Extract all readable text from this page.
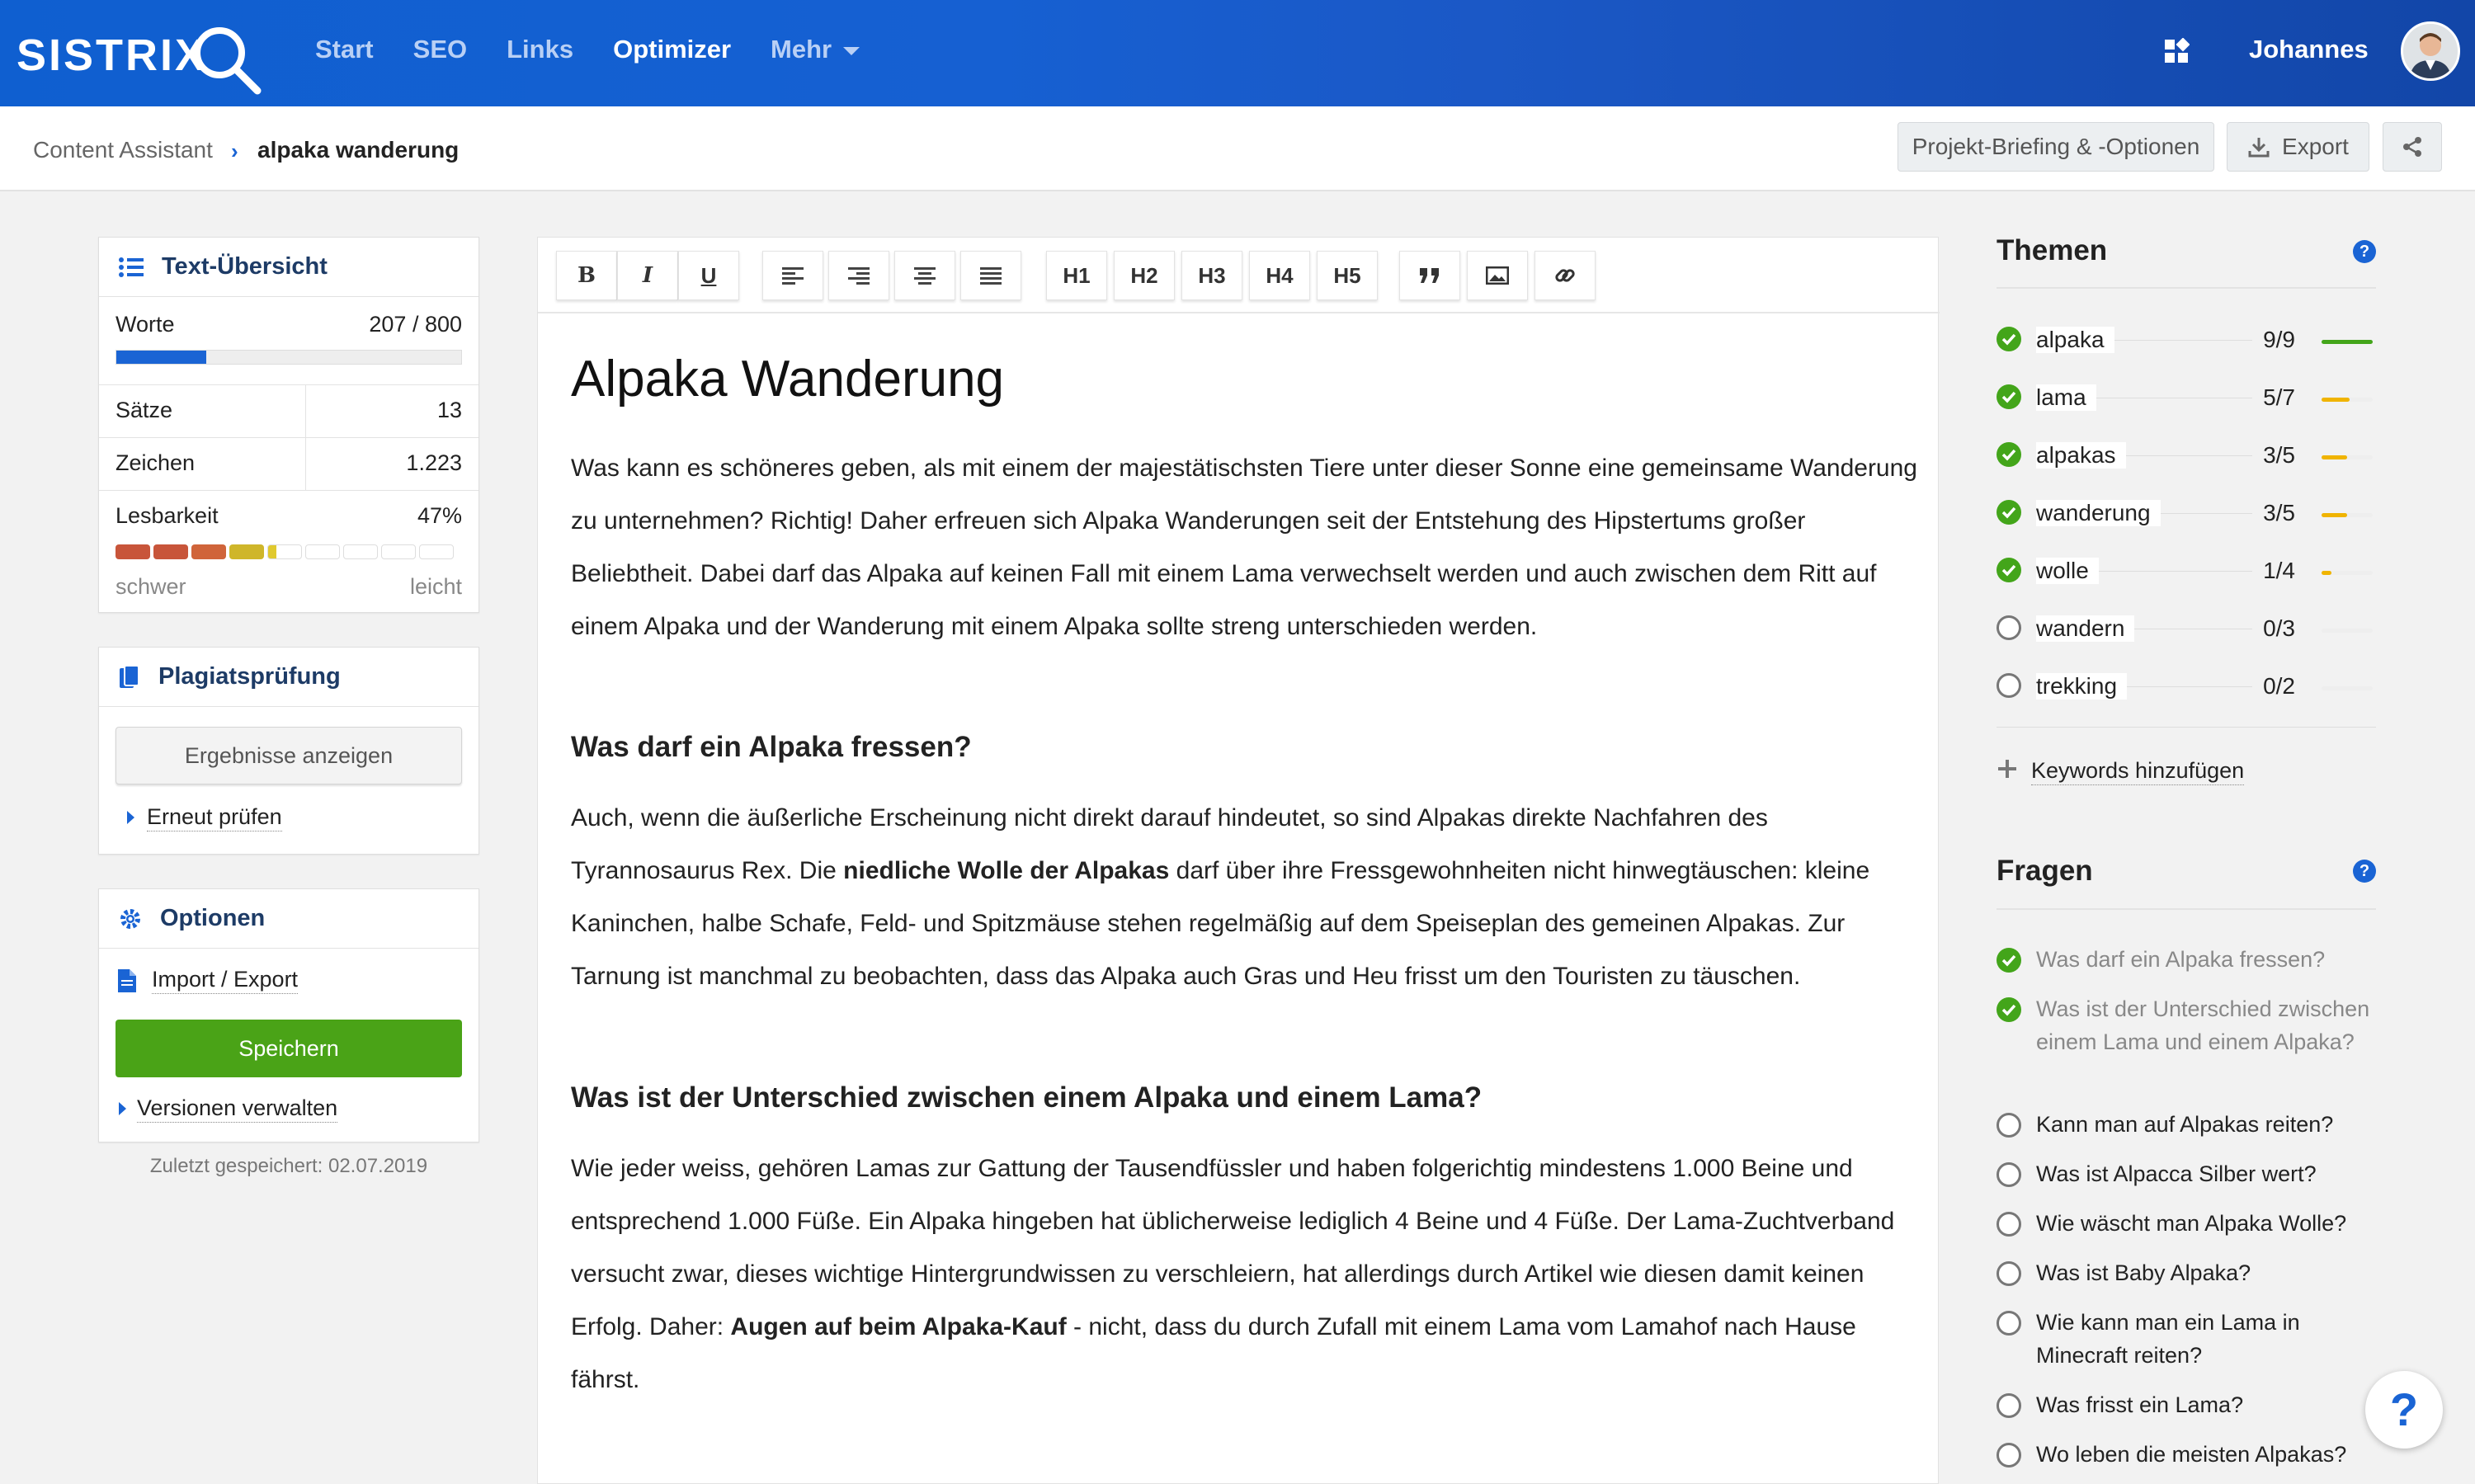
SISTRIX	Start SEO Links Optimizer Mehr	Johannes
Content Assistant › alpaka wanderung	Projekt-Briefing & -Optionen	Export
Text-Übersicht
Worte	207 / 800
Sätze	13
Zeichen	1.223
Lesbarkeit	47%
schwer	leicht
Plagiatsprüfung
Ergebnisse anzeigen
Erneut prüfen
Optionen
Import / Export
Speichern
Versionen verwalten
Zuletzt gespeichert: 02.07.2019
B	I	U	H1	H2	H3	H4	H5
Alpaka Wanderung
Was kann es schöneres geben, als mit einem der majestätischsten Tiere unter dieser Sonne eine gemeinsame Wanderung zu unternehmen? Richtig! Daher erfreuen sich Alpaka Wanderungen seit der Entstehung des Hipstertums großer Beliebtheit. Dabei darf das Alpaka auf keinen Fall mit einem Lama verwechselt werden und auch zwischen dem Ritt auf einem Alpaka und der Wanderung mit einem Alpaka sollte streng unterschieden werden.
Was darf ein Alpaka fressen?
Auch, wenn die äußerliche Erscheinung nicht direkt darauf hindeutet, so sind Alpakas direkte Nachfahren des Tyrannosaurus Rex. Die niedliche Wolle der Alpakas darf über ihre Fressgewohnheiten nicht hinwegtäuschen: kleine Kaninchen, halbe Schafe, Feld- und Spitzmäuse stehen regelmäßig auf dem Speiseplan des gemeinen Alpakas. Zur Tarnung ist manchmal zu beobachten, dass das Alpaka auch Gras und Heu frisst um den Touristen zu täuschen.
Was ist der Unterschied zwischen einem Alpaka und einem Lama?
Wie jeder weiss, gehören Lamas zur Gattung der Tausendfüssler und haben folgerichtig mindestens 1.000 Beine und entsprechend 1.000 Füße. Ein Alpaka hingeben hat üblicherweise lediglich 4 Beine und 4 Füße. Der Lama-Zuchtverband versucht zwar, dieses wichtige Hintergrundwissen zu verschleiern, hat allerdings durch Artikel wie diesen damit keinen Erfolg. Daher: Augen auf beim Alpaka-Kauf - nicht, dass du durch Zufall mit einem Lama vom Lamahof nach Hause fährst.
Themen	?
alpaka	9/9
lama	5/7
alpakas	3/5
wanderung	3/5
wolle	1/4
wandern	0/3
trekking	0/2
Keywords hinzufügen
Fragen	?
Was darf ein Alpaka fressen?
Was ist der Unterschied zwischen einem Lama und einem Alpaka?
Kann man auf Alpakas reiten?
Was ist Alpacca Silber wert?
Wie wäscht man Alpaka Wolle?
Was ist Baby Alpaka?
Wie kann man ein Lama in Minecraft reiten?
Was frisst ein Lama?
Wo leben die meisten Alpakas?
?
